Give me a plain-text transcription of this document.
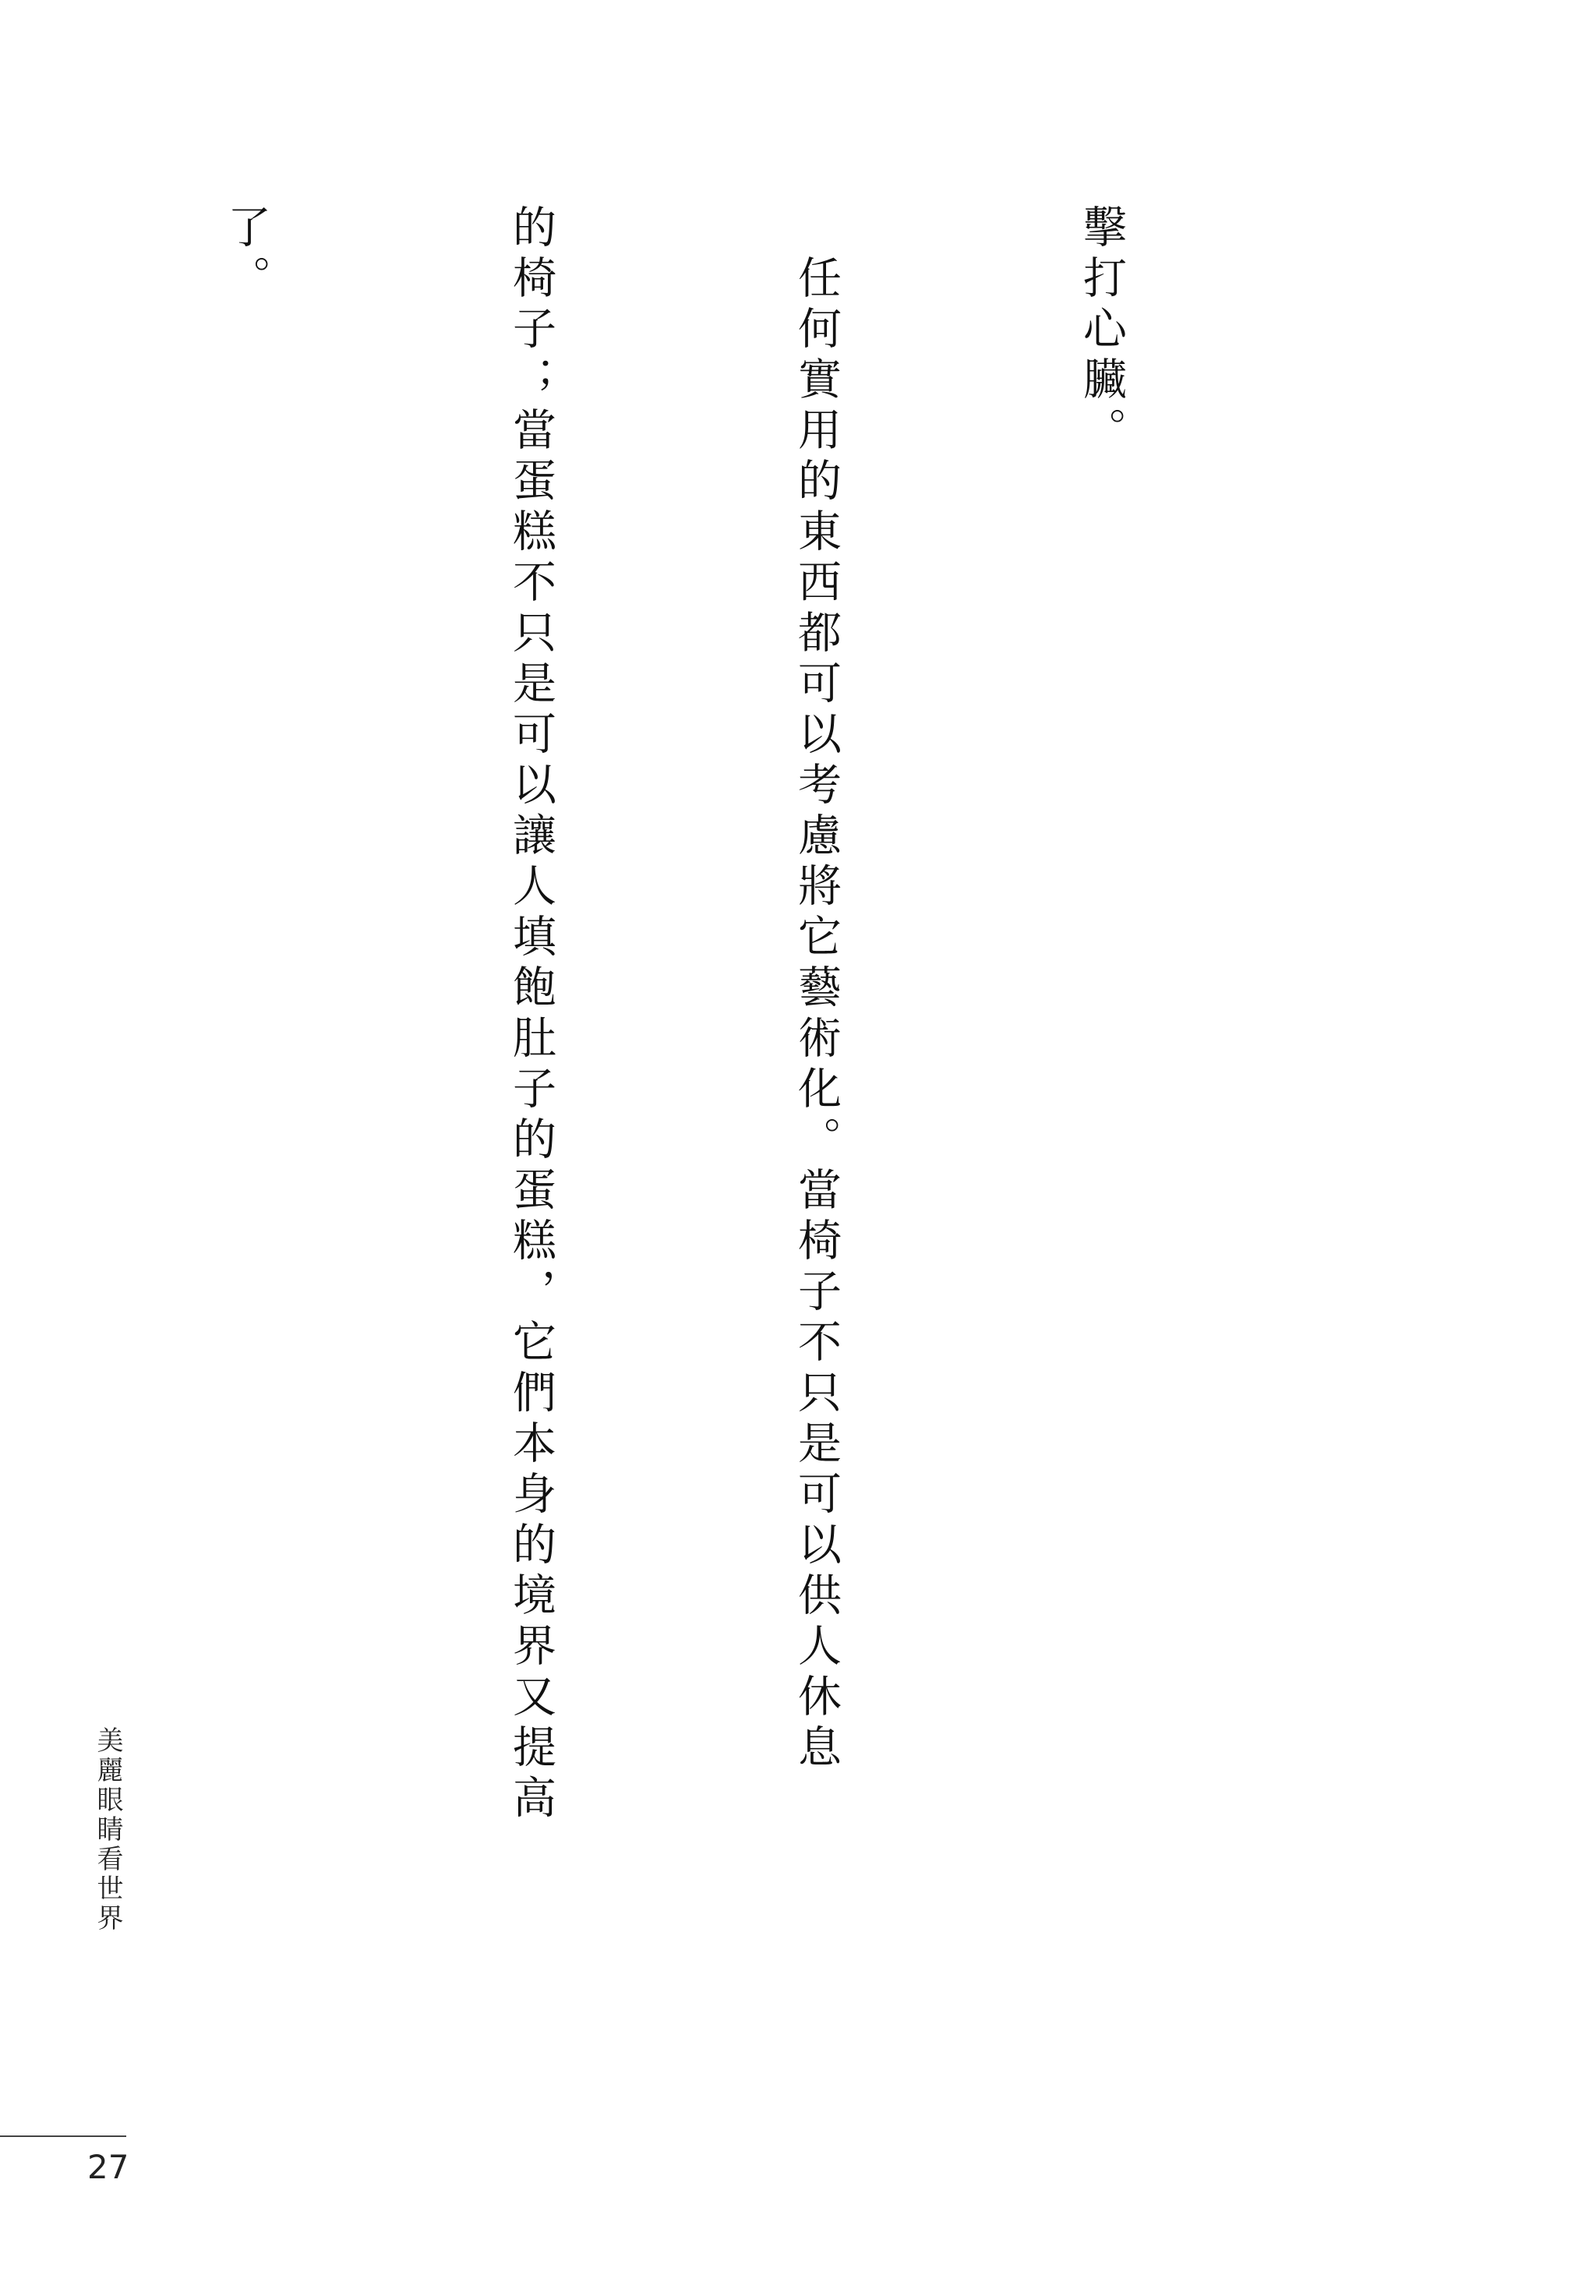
擊打心臟。

　任何實用的東西都可以考慮將它藝術化。當椅子不只是可以供人休息

的椅子；當蛋糕不只是可以讓人填飽肚子的蛋糕，它們本身的境界又提高

了。

美麗眼睛看世界
27
